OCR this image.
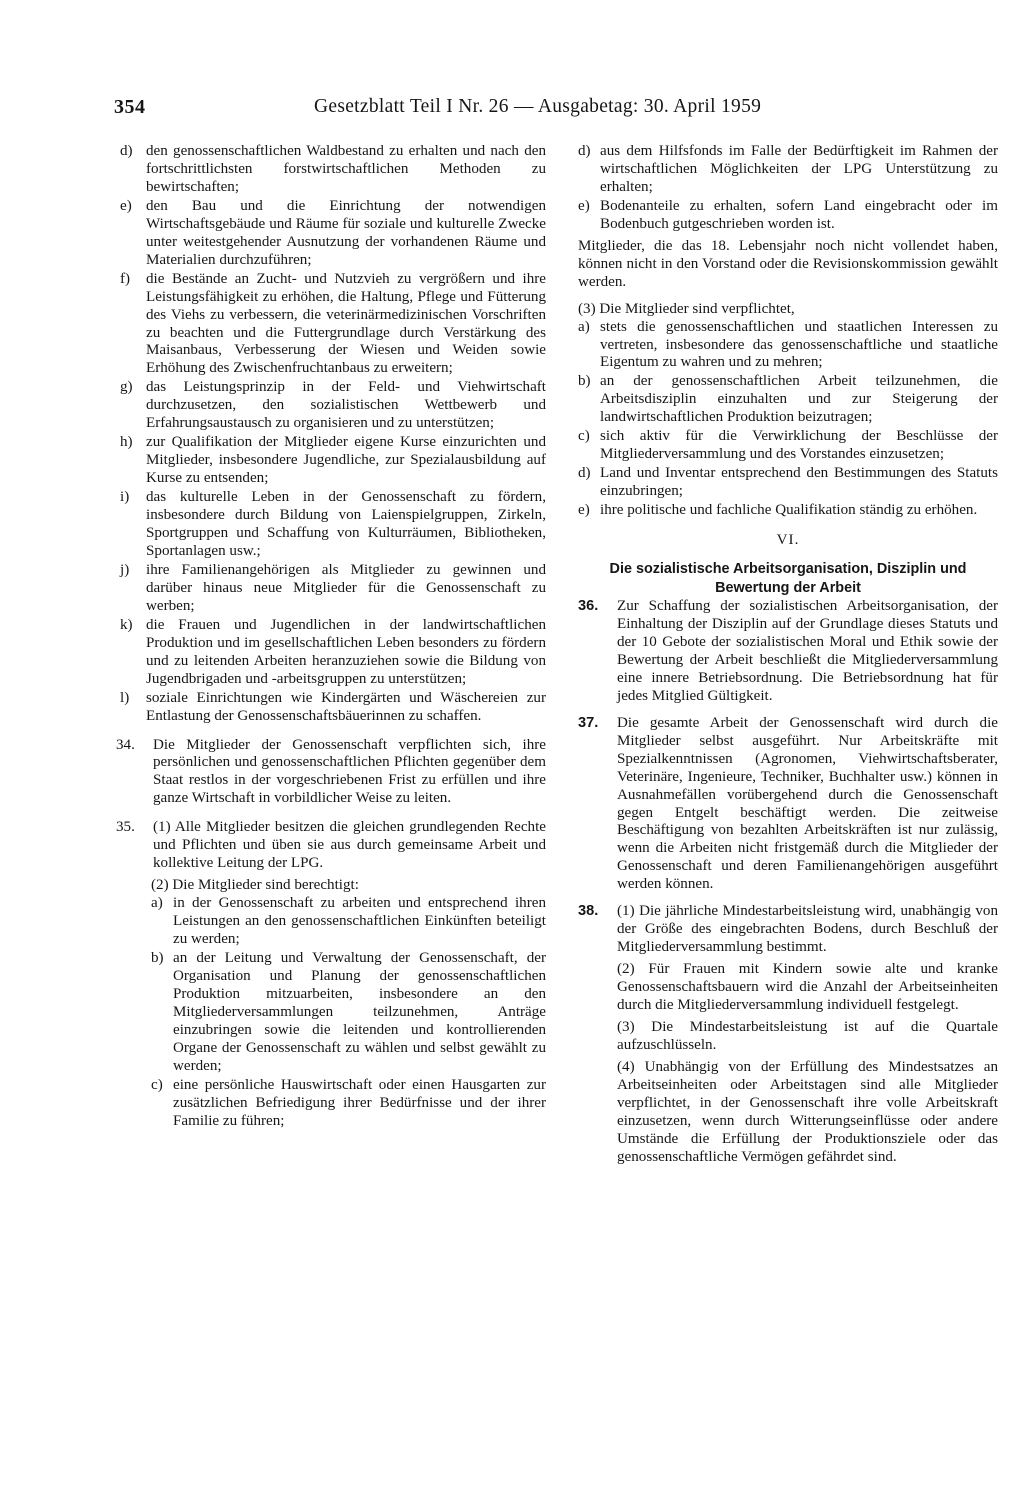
354	Gesetzblatt Teil I Nr. 26 — Ausgabetag: 30. April 1959
d) den genossenschaftlichen Waldbestand zu erhalten und nach den fortschrittlichsten forstwirtschaftlichen Methoden zu bewirtschaften;
e) den Bau und die Einrichtung der notwendigen Wirtschaftsgebäude und Räume für soziale und kulturelle Zwecke unter weitestgehender Ausnutzung der vorhandenen Räume und Materialien durchzuführen;
f)	die Bestände an Zucht- und Nutzvieh zu vergrößern und ihre Leistungsfähigkeit zu erhöhen, die Haltung, Pflege und Fütterung des Viehs zu verbessern, die veterinärmedizinischen Vorschriften zu beachten und die Futtergrundlage durch Verstärkung des Maisanbaus, Verbesserung der Wiesen und Weiden sowie Erhöhung des Zwischenfruchtanbaus zu erweitern;
g) das Leistungsprinzip in der Feld- und Viehwirtschaft durchzusetzen, den sozialistischen Wettbewerb und Erfahrungsaustausch zu organisieren und zu unterstützen;
h) zur Qualifikation der Mitglieder eigene Kurse einzurichten und Mitglieder, insbesondere Jugendliche, zur Spezialausbildung auf Kurse zu entsenden;
i)	das kulturelle Leben in der Genossenschaft zu fördern, insbesondere durch Bildung von Laienspielgruppen, Zirkeln, Sportgruppen und Schaffung von Kulturräumen, Bibliotheken, Sportanlagen usw.;
j)	ihre Familienangehörigen als Mitglieder zu gewinnen und darüber hinaus neue Mitglieder für die Genossenschaft zu werben;
k) die Frauen und Jugendlichen in der landwirtschaftlichen Produktion und im gesellschaftlichen Leben besonders zu fördern und zu leitenden Arbeiten heranzuziehen sowie die Bildung von Jugendbrigaden und -arbeitsgruppen zu unterstützen;
l)	soziale Einrichtungen wie Kindergärten und Wäschereien zur Entlastung der Genossenschaftsbäuerinnen zu schaffen.
34.	Die Mitglieder der Genossenschaft verpflichten sich, ihre persönlichen und genossenschaftlichen Pflichten gegenüber dem Staat restlos in der vorgeschriebenen Frist zu erfüllen und ihre ganze Wirtschaft in vorbildlicher Weise zu leiten.
35.	(1) Alle Mitglieder besitzen die gleichen grundlegenden Rechte und Pflichten und üben sie aus durch gemeinsame Arbeit und kollektive Leitung der LPG.
(2) Die Mitglieder sind berechtigt:
a) in der Genossenschaft zu arbeiten und entsprechend ihren Leistungen an den genossenschaftlichen Einkünften beteiligt zu werden;
b) an der Leitung und Verwaltung der Genossenschaft, der Organisation und Planung der genossenschaftlichen Produktion mitzuarbeiten, insbesondere an den Mitgliederversammlungen teilzunehmen, Anträge einzubringen sowie die leitenden und kontrollierenden Organe der Genossenschaft zu wählen und selbst gewählt zu werden;
c) eine persönliche Hauswirtschaft oder einen Hausgarten zur zusätzlichen Befriedigung ihrer Bedürfnisse und der ihrer Familie zu führen;
d) aus dem Hilfsfonds im Falle der Bedürftigkeit im Rahmen der wirtschaftlichen Möglichkeiten der LPG Unterstützung zu erhalten;
e) Bodenanteile zu erhalten, sofern Land eingebracht oder im Bodenbuch gutgeschrieben worden ist.
Mitglieder, die das 18. Lebensjahr noch nicht vollendet haben, können nicht in den Vorstand oder die Revisionskommission gewählt werden.
(3) Die Mitglieder sind verpflichtet,
a) stets die genossenschaftlichen und staatlichen Interessen zu vertreten, insbesondere das genossenschaftliche und staatliche Eigentum zu wahren und zu mehren;
b) an der genossenschaftlichen Arbeit teilzunehmen, die Arbeitsdisziplin einzuhalten und zur Steigerung der landwirtschaftlichen Produktion beizutragen;
c) sich aktiv für die Verwirklichung der Beschlüsse der Mitgliederversammlung und des Vorstandes einzusetzen;
d) Land und Inventar entsprechend den Bestimmungen des Statuts einzubringen;
e) ihre politische und fachliche Qualifikation ständig zu erhöhen.
VI.
Die sozialistische Arbeitsorganisation, Disziplin und
Bewertung der Arbeit
36.	Zur Schaffung der sozialistischen Arbeitsorganisation, der Einhaltung der Disziplin auf der Grundlage dieses Statuts und der 10 Gebote der sozialistischen Moral und Ethik sowie der Bewertung der Arbeit beschließt die Mitgliederversammlung eine innere Betriebsordnung. Die Betriebsordnung hat für jedes Mitglied Gültigkeit.
37.	Die gesamte Arbeit der Genossenschaft wird durch die Mitglieder selbst ausgeführt. Nur Arbeitskräfte mit Spezialkenntnissen (Agronomen, Viehwirtschaftsberater, Veterinäre, Ingenieure, Techniker, Buchhalter usw.) können in Ausnahmefällen vorübergehend durch die Genossenschaft gegen Entgelt beschäftigt werden. Die zeitweise Beschäftigung von bezahlten Arbeitskräften ist nur zulässig, wenn die Arbeiten nicht fristgemäß durch die Mitglieder der Genossenschaft und deren Familienangehörigen ausgeführt werden können.
38.	(1) Die jährliche Mindestarbeitsleistung wird, unabhängig von der Größe des eingebrachten Bodens, durch Beschluß der Mitgliederversammlung bestimmt.
(2) Für Frauen mit Kindern sowie alte und kranke Genossenschaftsbauern wird die Anzahl der Arbeitseinheiten durch die Mitgliederversammlung individuell festgelegt.
(3) Die Mindestarbeitsleistung ist auf die Quartale aufzuschlüsseln.
(4) Unabhängig von der Erfüllung des Mindestsatzes an Arbeitseinheiten oder Arbeitstagen sind alle Mitglieder verpflichtet, in der Genossenschaft ihre volle Arbeitskraft einzusetzen, wenn durch Witterungseinflüsse oder andere Umstände die Erfüllung der Produktionsziele oder das genossenschaftliche Vermögen gefährdet sind.
